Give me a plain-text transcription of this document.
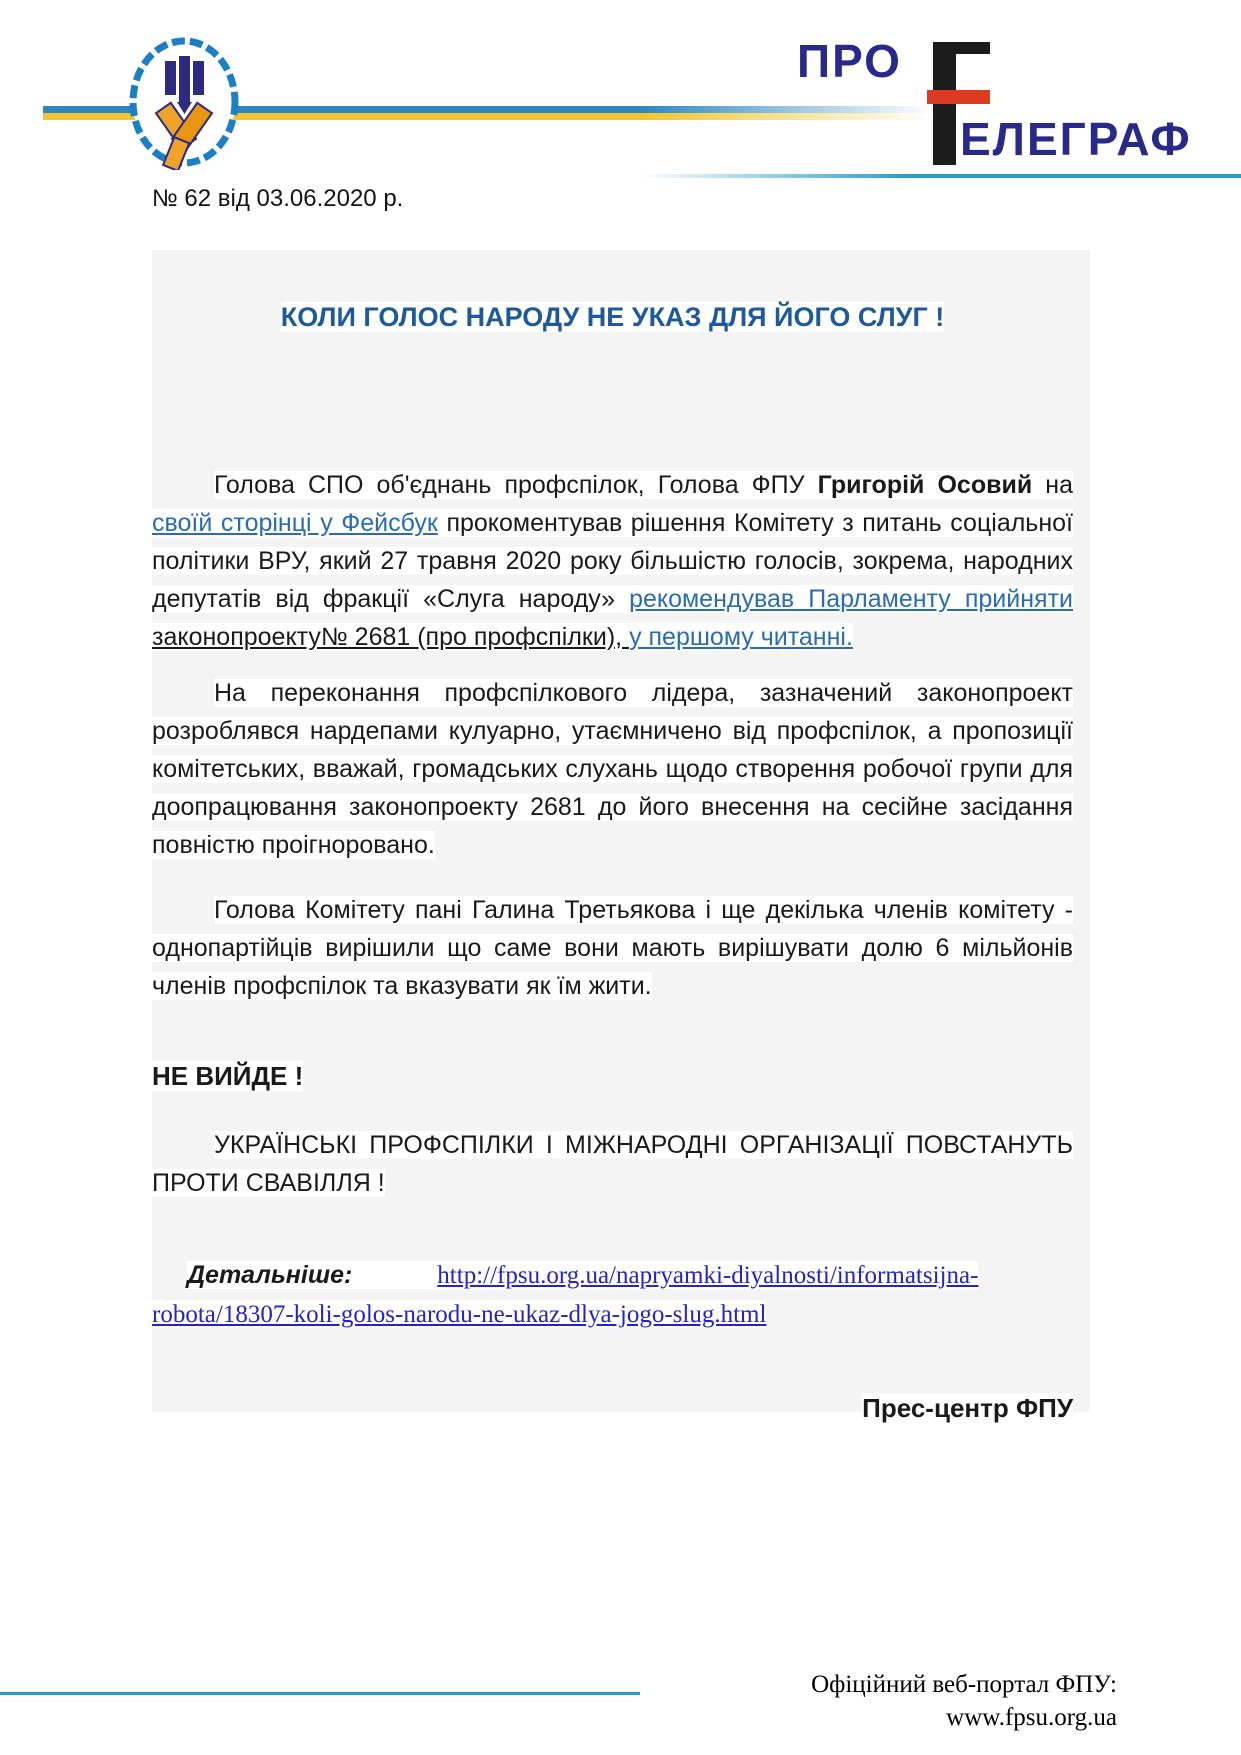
ПРО
ЕЛЕГРАФ
№ 62 від 03.06.2020 р.

КОЛИ ГОЛОС НАРОДУ НЕ УКАЗ ДЛЯ ЙОГО СЛУГ !

Голова СПО об'єднань профспілок, Голова ФПУ Григорій Осовий на своїй сторінці у Фейсбук прокоментував рішення Комітету з питань соціальної політики ВРУ, який 27 травня 2020 року більшістю голосів, зокрема, народних депутатів від фракції «Слуга народу» рекомендував Парламенту прийняти законопроекту№ 2681 (про профспілки), у першому читанні.

На переконання профспілкового лідера, зазначений законопроект розроблявся нардепами кулуарно, утаємничено від профспілок, а пропозиції комітетських, вважай, громадських слухань щодо створення робочої групи для доопрацювання законопроекту 2681 до його внесення на сесійне засідання повністю проігноровано.

Голова Комітету пані Галина Третьякова і ще декілька членів комітету - однопартійців вирішили що саме вони мають вирішувати долю 6 мільйонів членів профспілок та вказувати як їм жити.

НЕ ВИЙДЕ !

УКРАЇНСЬКІ ПРОФСПІЛКИ І МІЖНАРОДНІ ОРГАНІЗАЦІЇ ПОВСТАНУТЬ ПРОТИ СВАВІЛЛЯ !

Детальніше:	http://fpsu.org.ua/napryamki-diyalnosti/informatsijna-robota/18307-koli-golos-narodu-ne-ukaz-dlya-jogo-slug.html

Прес-центр ФПУ

Офіційний веб-портал ФПУ:
www.fpsu.org.ua
